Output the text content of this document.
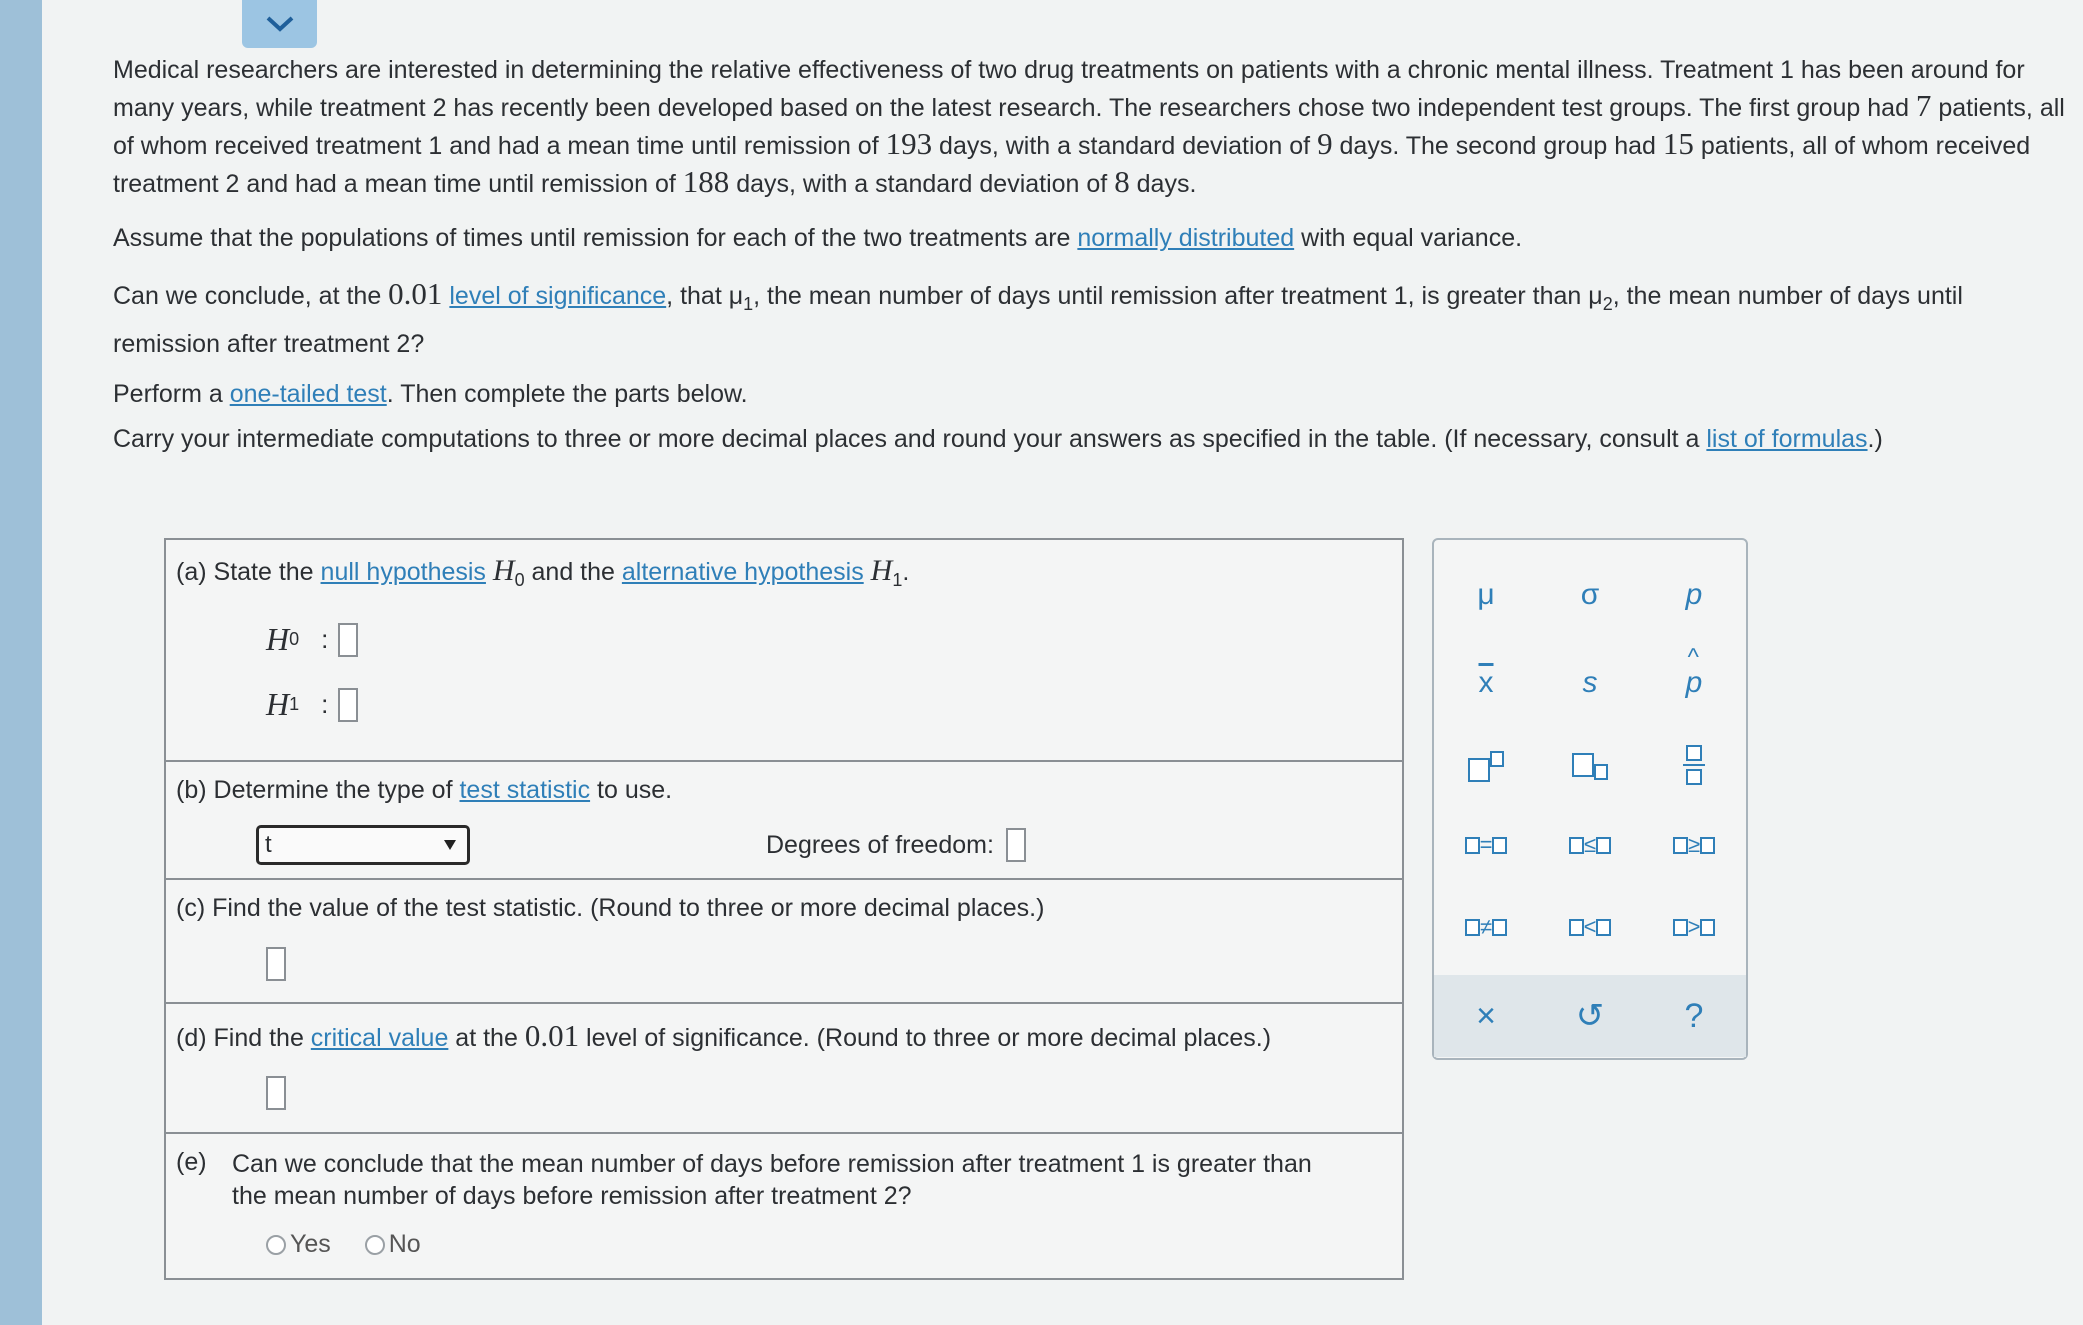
Medical researchers are interested in determining the relative effectiveness of two drug treatments on patients with a chronic mental illness. Treatment 1 has been around for many years, while treatment 2 has recently been developed based on the latest research. The researchers chose two independent test groups. The first group had 7 patients, all of whom received treatment 1 and had a mean time until remission of 193 days, with a standard deviation of 9 days. The second group had 15 patients, all of whom received treatment 2 and had a mean time until remission of 188 days, with a standard deviation of 8 days.

Assume that the populations of times until remission for each of the two treatments are normally distributed with equal variance.

Can we conclude, at the 0.01 level of significance, that $\mu_1$, the mean number of days until remission after treatment 1, is greater than $\mu_2$, the mean number of days until remission after treatment 2?

Perform a one-tailed test. Then complete the parts below.

Carry your intermediate computations to three or more decimal places and round your answers as specified in the table. (If necessary, consult a list of formulas.)

(a) State the null hypothesis $H_0$ and the alternative hypothesis $H_1$.
H 0 :
H 1 :
(b) Determine the type of test statistic to use.
t	Degrees of freedom:
(c) Find the value of the test statistic. (Round to three or more decimal places.)
(d) Find the critical value at the 0.01 level of significance. (Round to three or more decimal places.)
(e)	Can we conclude that the mean number of days before remission after treatment 1 is greater than the mean number of days before remission after treatment 2?
Yes No
μ	σ	p
$\overline{x}$	s
^
p
=	≤	≥
≠	<	>
× ↺ ?
